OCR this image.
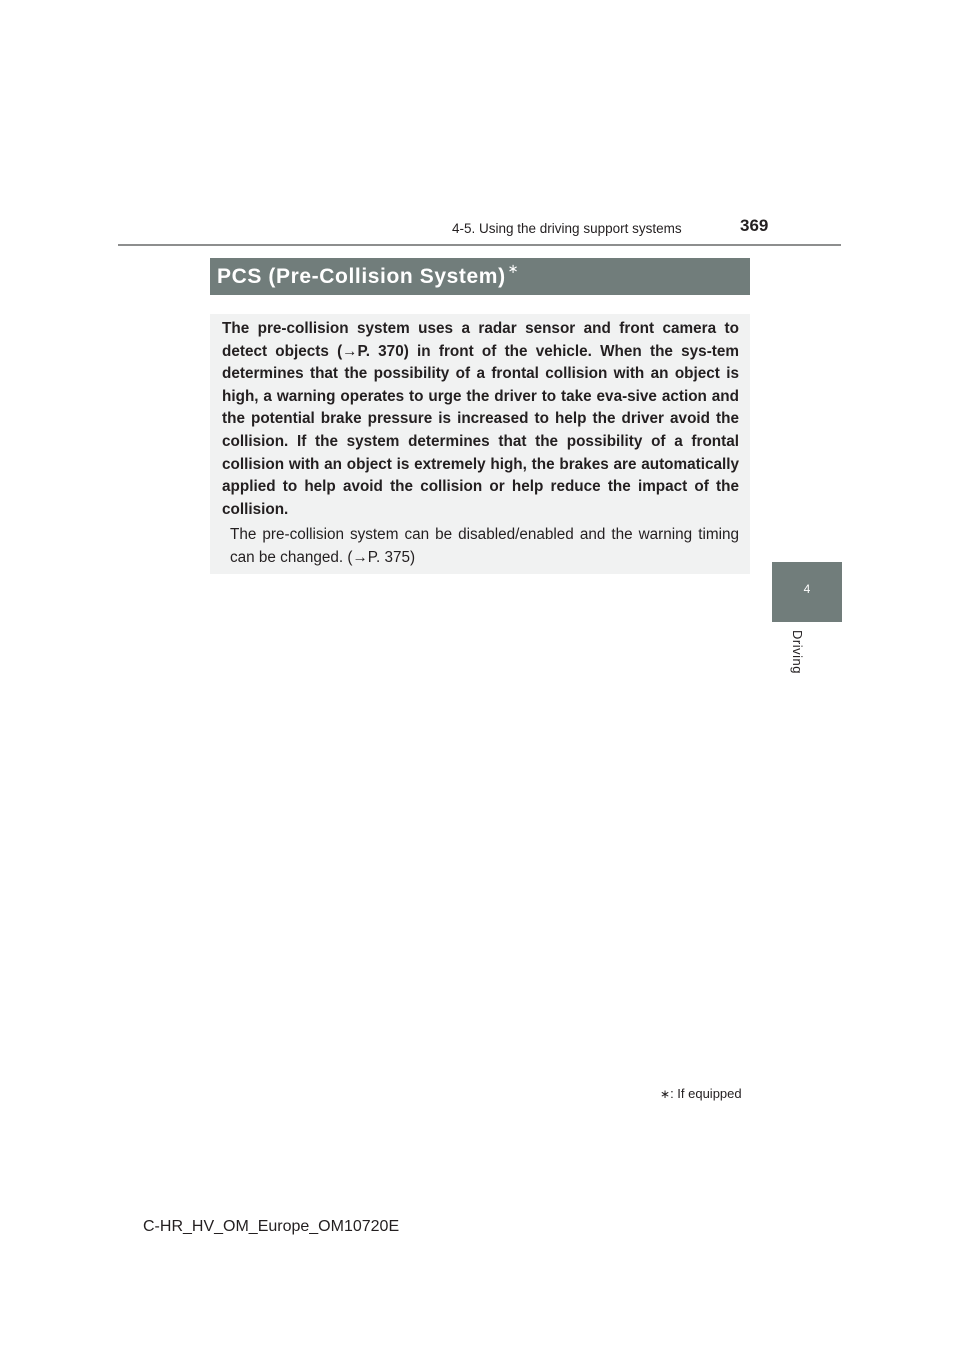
4-5. Using the driving support systems	369
4
Driving
PCS (Pre-Collision System) ∗

The pre-collision system uses a radar sensor and front camera to detect objects (→P. 370) in front of the vehicle. When the sys-tem determines that the possibility of a frontal collision with an object is high, a warning operates to urge the driver to take eva-sive action and the potential brake pressure is increased to help the driver avoid the collision. If the system determines that the possibility of a frontal collision with an object is extremely high, the brakes are automatically applied to help avoid the collision or help reduce the impact of the collision.

The pre-collision system can be disabled/enabled and the warning timing can be changed. (→P. 375)

∗: If equipped
C-HR_HV_OM_Europe_OM10720E
